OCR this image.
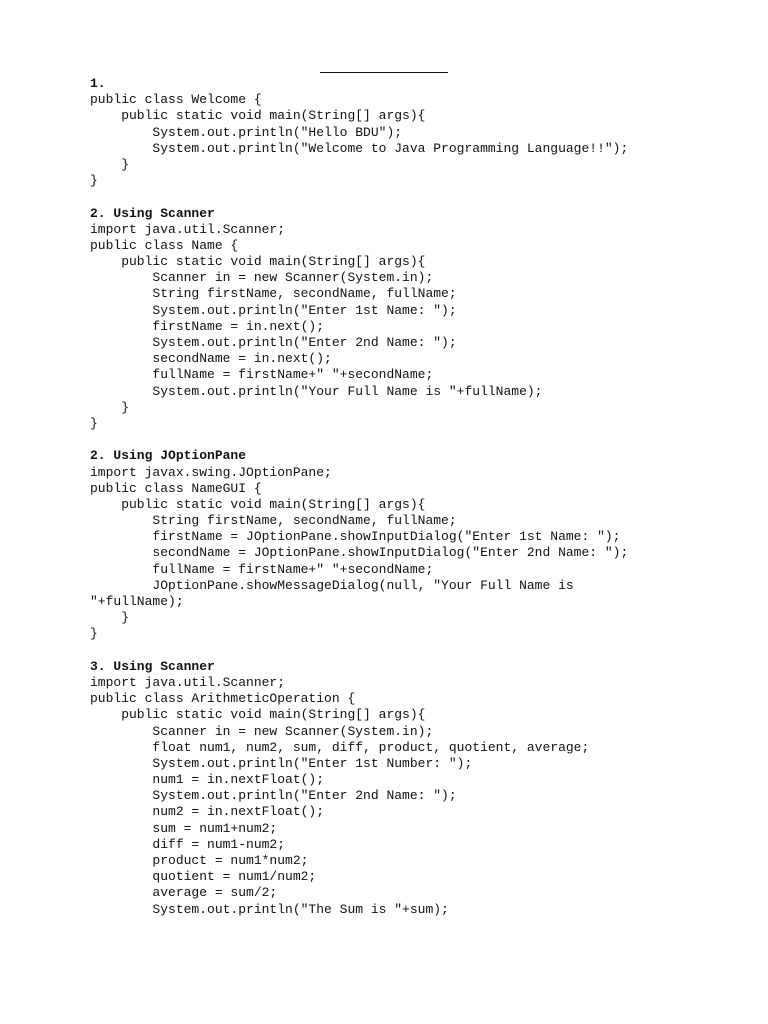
1.
public class Welcome {
public static void main(String[] args){
System.out.println("Hello BDU");
System.out.println("Welcome to Java Programming Language!!");
}
}
2. Using Scanner
import java.util.Scanner;
public class Name {
public static void main(String[] args){
Scanner in = new Scanner(System.in);
String firstName, secondName, fullName;
System.out.println("Enter 1st Name: ");
firstName = in.next();
System.out.println("Enter 2nd Name: ");
secondName = in.next();
fullName = firstName+" "+secondName;
System.out.println("Your Full Name is "+fullName);
}
}
2. Using JOptionPane
import javax.swing.JOptionPane;
public class NameGUI {
public static void main(String[] args){
String firstName, secondName, fullName;
firstName = JOptionPane.showInputDialog("Enter 1st Name: ");
secondName = JOptionPane.showInputDialog("Enter 2nd Name: ");
fullName = firstName+" "+secondName;
JOptionPane.showMessageDialog(null, "Your Full Name is
"+fullName);
}
}
3. Using Scanner
import java.util.Scanner;
public class ArithmeticOperation {
public static void main(String[] args){
Scanner in = new Scanner(System.in);
float num1, num2, sum, diff, product, quotient, average;
System.out.println("Enter 1st Number: ");
num1 = in.nextFloat();
System.out.println("Enter 2nd Name: ");
num2 = in.nextFloat();
sum = num1+num2;
diff = num1-num2;
product = num1*num2;
quotient = num1/num2;
average = sum/2;
System.out.println("The Sum is "+sum);
